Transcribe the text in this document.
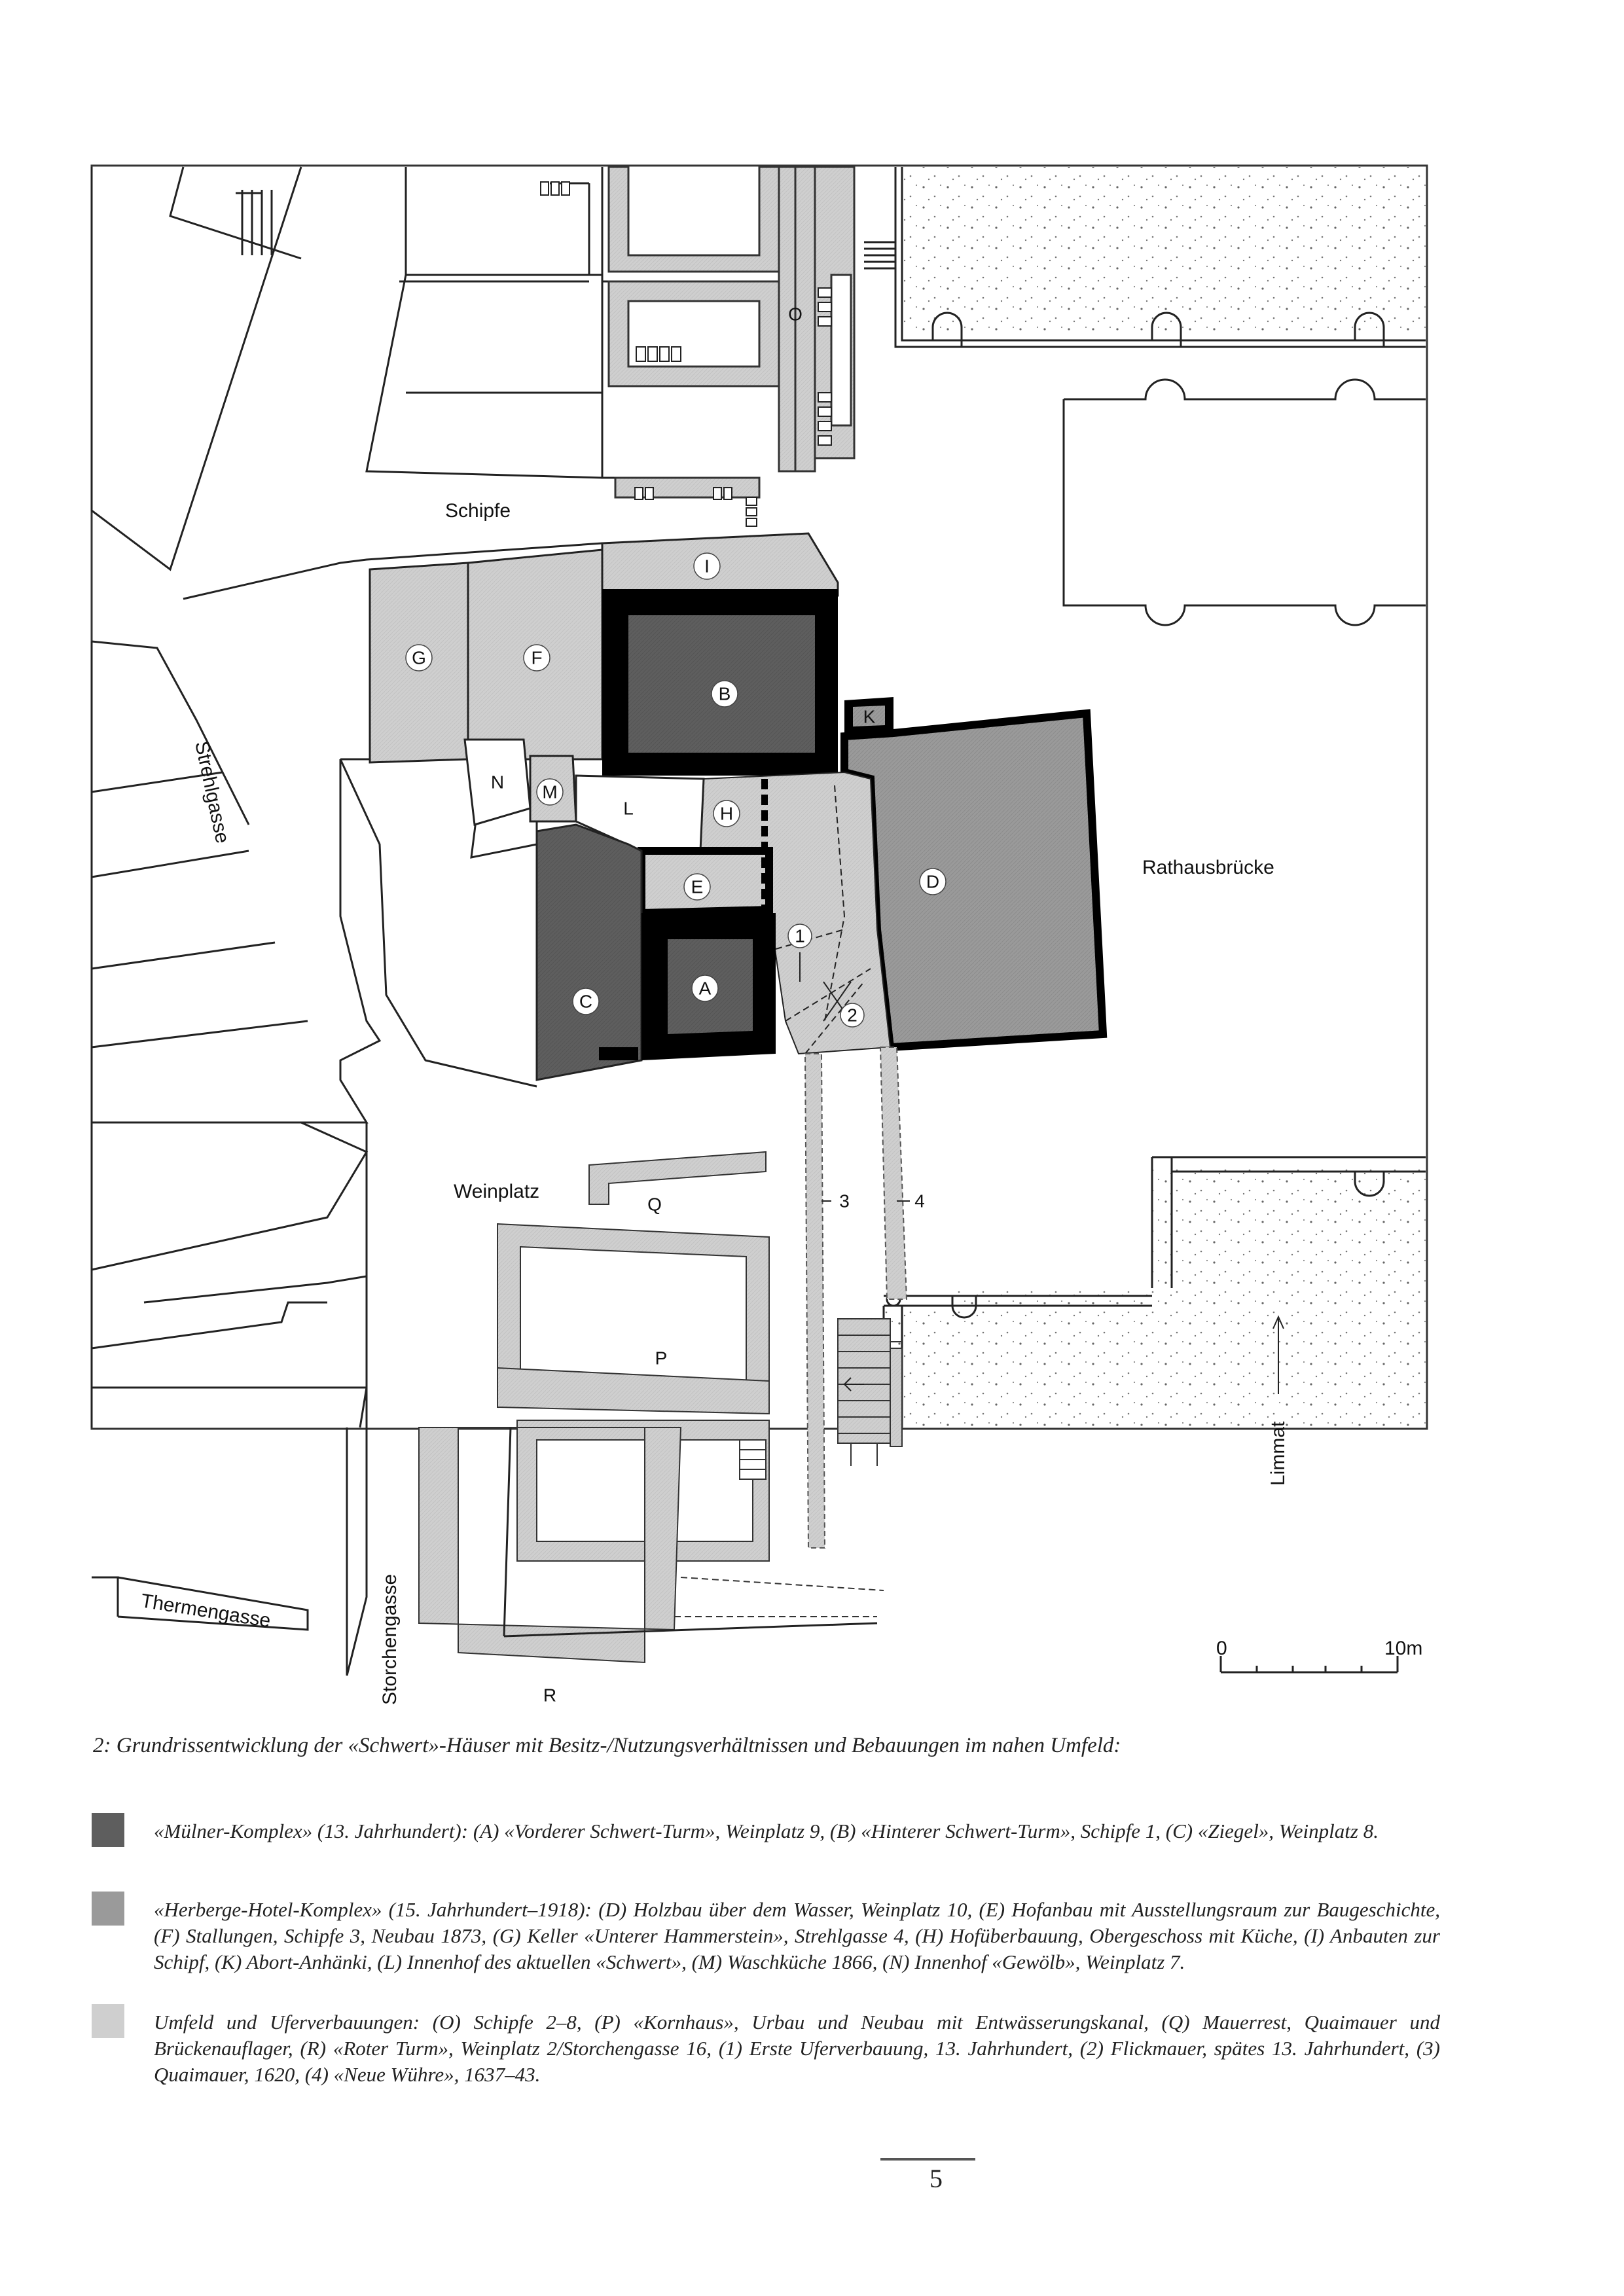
Schipfe
Strehlgasse
Rathausbrücke
Weinplatz
Limmat
Thermengasse	Storchengasse
I
B
F
G
K
N M
L	H
E	D
A
C
O
Q
P
R
1
2
3	4
0	10m
2: Grundrissentwicklung der «Schwert»-Häuser mit Besitz-/Nutzungsverhältnissen und Bebauungen im nahen Umfeld:
«Mülner-Komplex» (13. Jahrhundert): (A) «Vorderer Schwert-Turm», Weinplatz 9, (B) «Hinterer Schwert-Turm», Schipfe 1, (C) «Ziegel», Weinplatz 8.
«Herberge-Hotel-Komplex» (15. Jahrhundert–1918): (D) Holzbau über dem Wasser, Weinplatz 10, (E) Hofanbau mit Ausstellungsraum zur Baugeschichte, (F) Stallungen, Schipfe 3, Neubau 1873, (G) Keller «Unterer Hammerstein», Strehlgasse 4, (H) Hofüberbauung, Obergeschoss mit Küche, (I) Anbauten zur Schipf, (K) Abort-Anhänki, (L) Innenhof des aktuellen «Schwert», (M) Waschküche 1866, (N) Innenhof «Gewölb», Weinplatz 7.
Umfeld und Uferverbauungen: (O) Schipfe 2–8, (P) «Kornhaus», Urbau und Neubau mit Entwässerungskanal, (Q) Mauerrest, Quaimauer und Brückenauflager, (R) «Roter Turm», Weinplatz 2/Storchengasse 16, (1) Erste Uferverbauung, 13. Jahrhundert, (2) Flickmauer, spätes 13. Jahrhundert, (3) Quaimauer, 1620, (4) «Neue Wühre», 1637–43.
5
